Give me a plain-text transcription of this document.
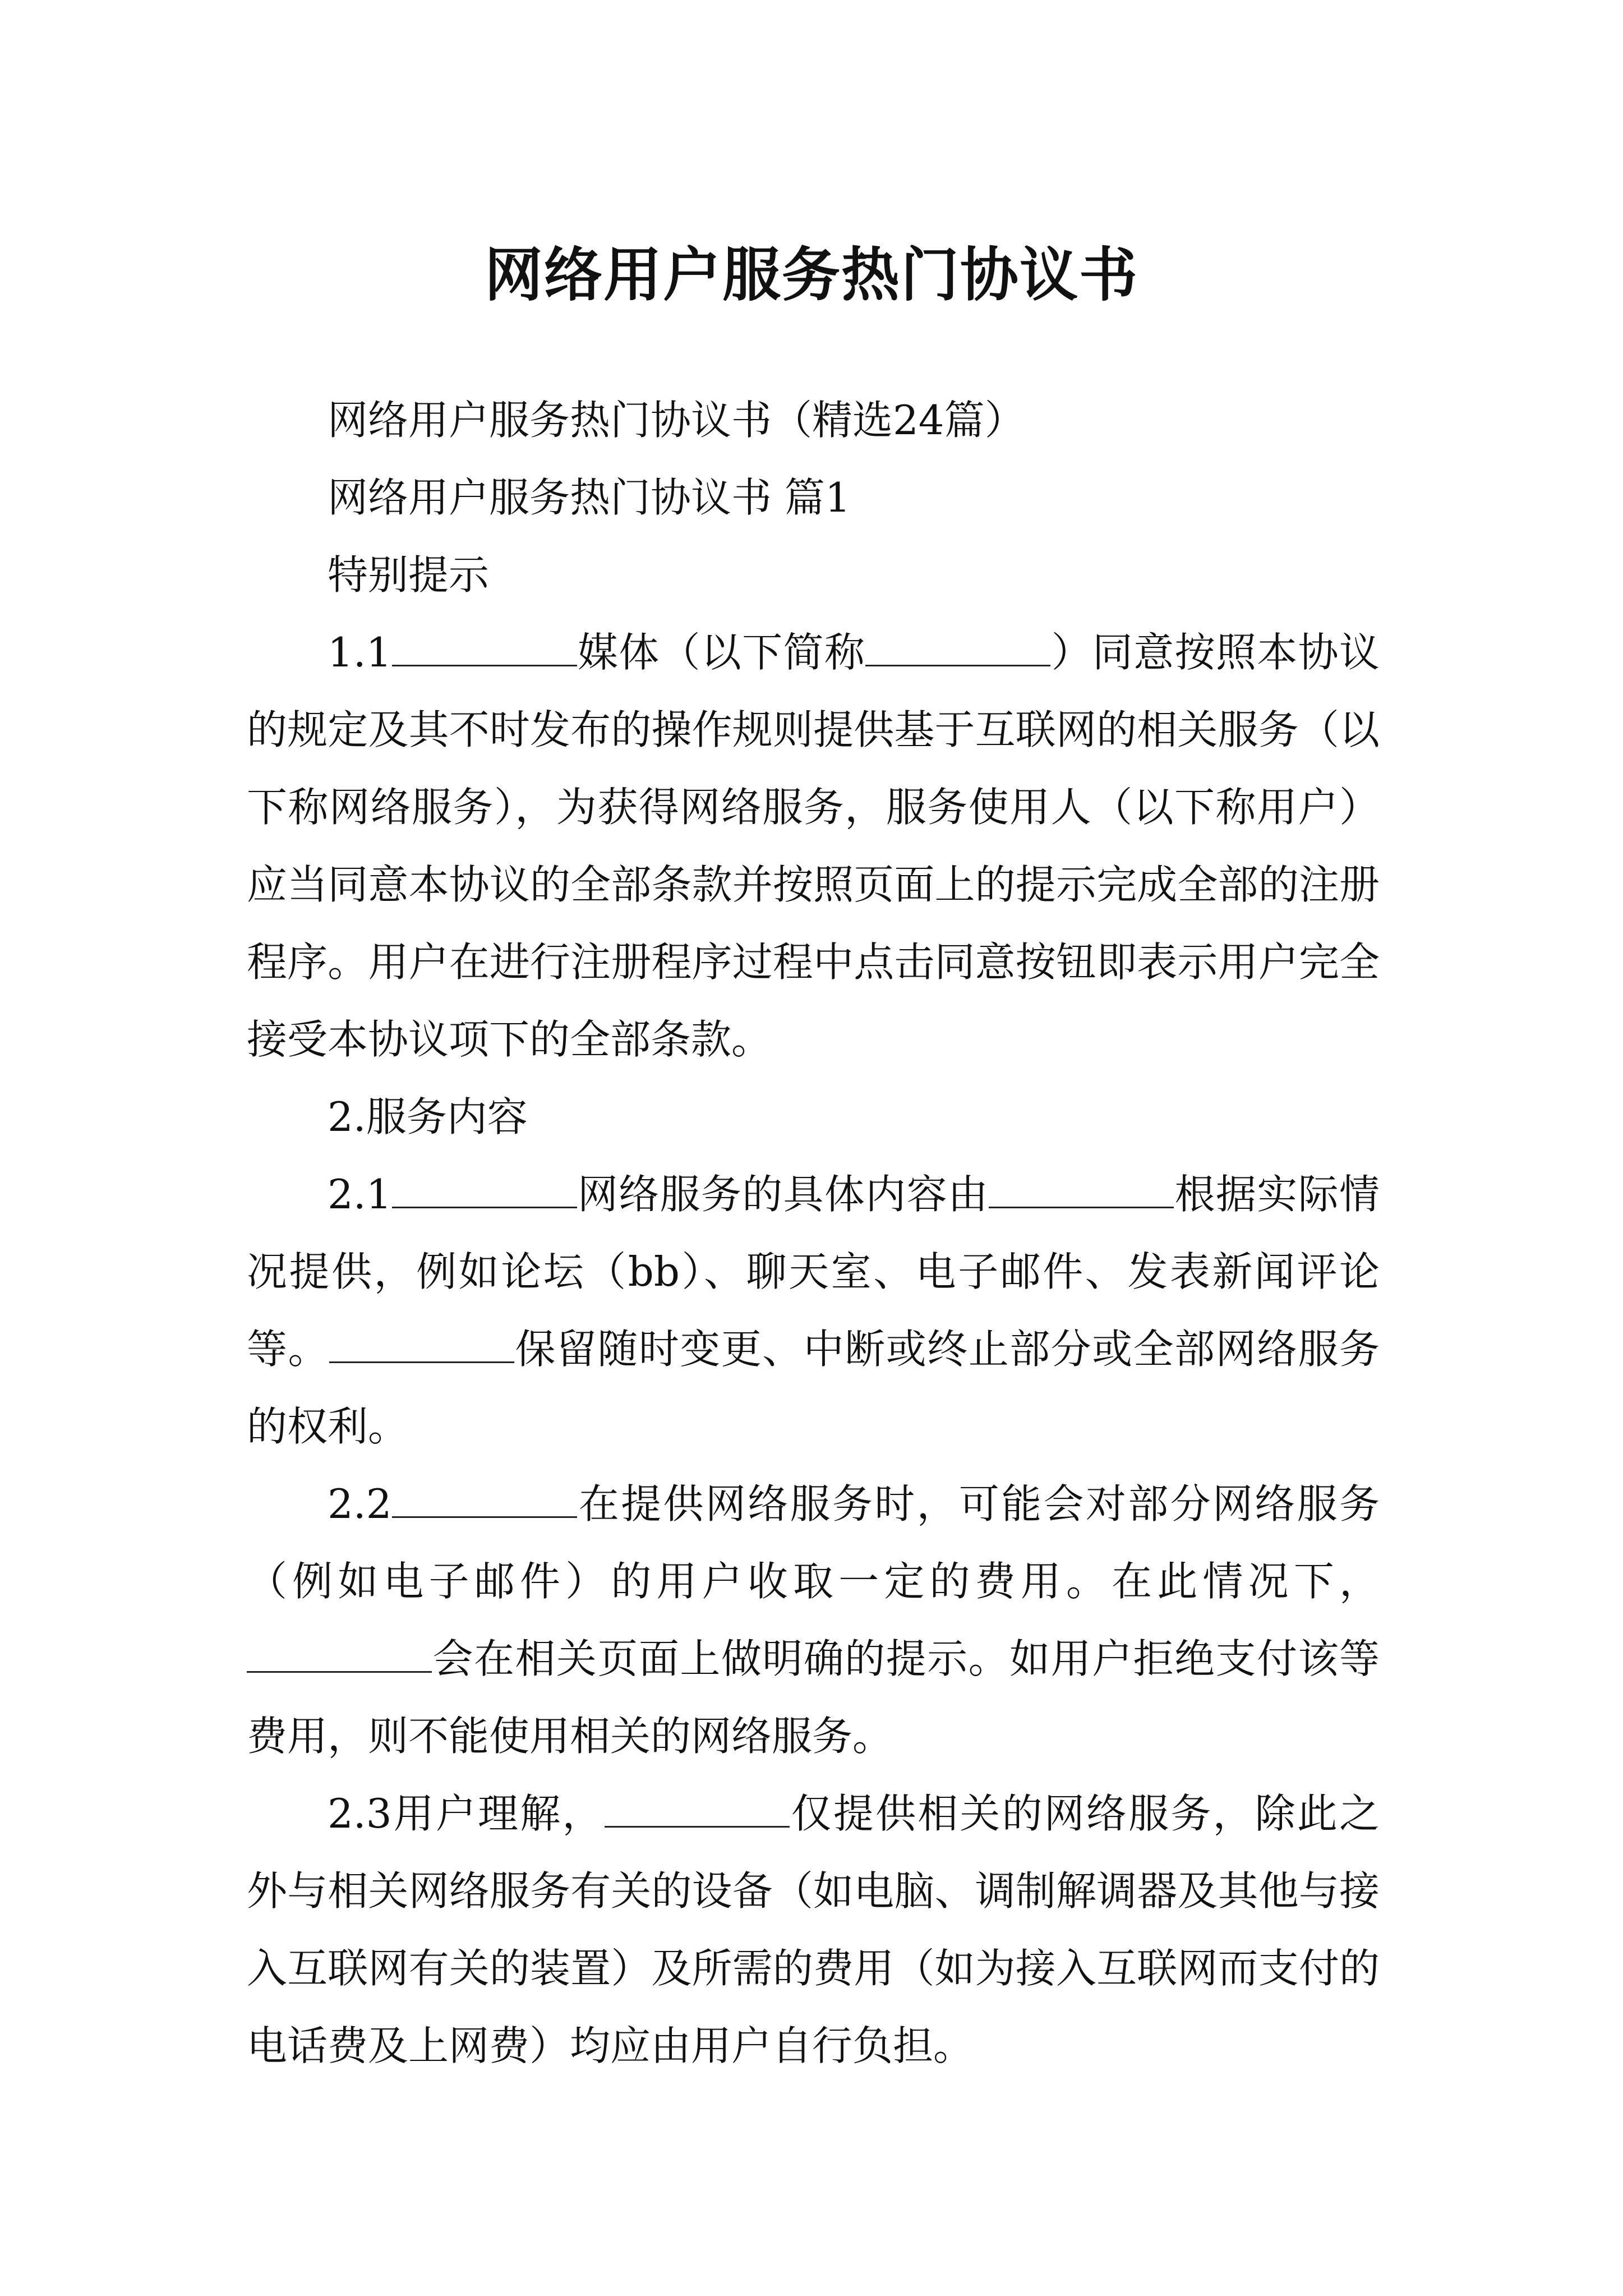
网络用户服务热门协议书

网络用户服务热门协议书（精选24篇）

网络用户服务热门协议书 篇1

特别提示

1.1	媒体（以下简称	）同意按照本协议的规定及其不时发布的操作规则提供基于互联网的相关服务（以下称网络服务），为获得网络服务，服务使用人（以下称用户）应当同意本协议的全部条款并按照页面上的提示完成全部的注册程序。用户在进行注册程序过程中点击同意按钮即表示用户完全接受本协议项下的全部条款。

2.服务内容

2.1	网络服务的具体内容由	根据实际情况提供，例如论坛（bb）、聊天室、电子邮件、发表新闻评论等。	保留随时变更、中断或终止部分或全部网络服务的权利。

2.2	在提供网络服务时，可能会对部分网络服务（例如电子邮件）的用户收取一定的费用。在此情况下，会在相关页面上做明确的提示。如用户拒绝支付该等费用，则不能使用相关的网络服务。

2.3用户理解，	仅提供相关的网络服务，除此之外与相关网络服务有关的设备（如电脑、调制解调器及其他与接入互联网有关的装置）及所需的费用（如为接入互联网而支付的电话费及上网费）均应由用户自行负担。
